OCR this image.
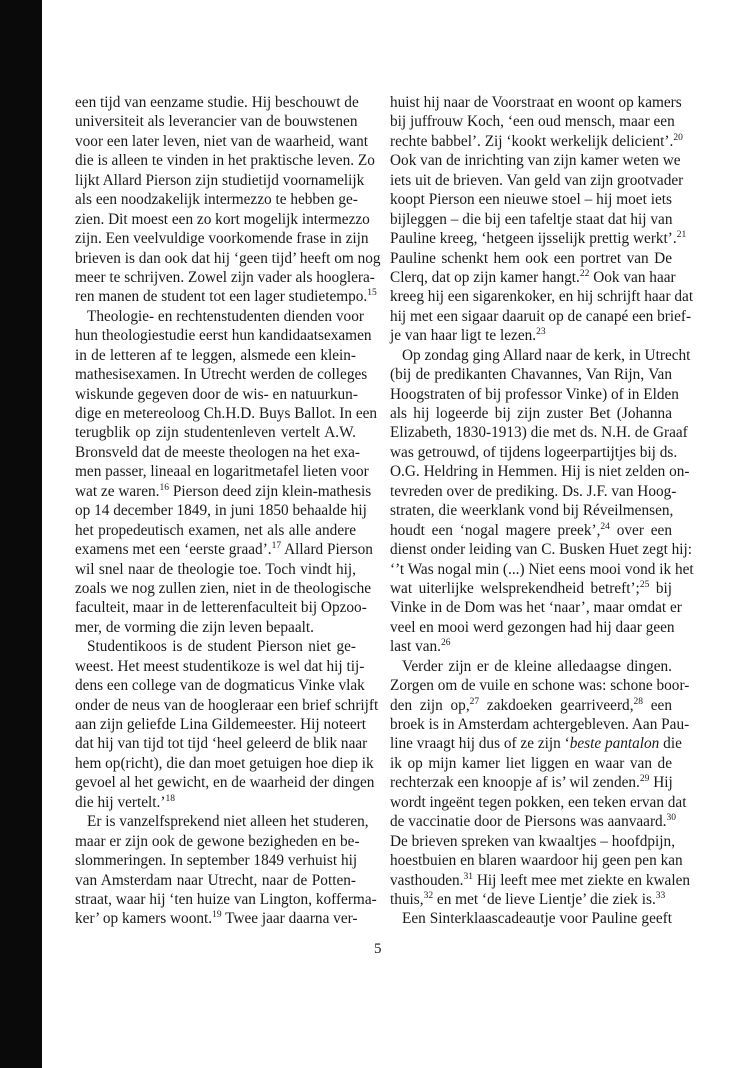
een tijd van eenzame studie. Hij beschouwt de
universiteit als leverancier van de bouwstenen
voor een later leven, niet van de waarheid, want
die is alleen te vinden in het praktische leven. Zo
lijkt Allard Pierson zijn studietijd voornamelijk
als een noodzakelijk intermezzo te hebben ge-
zien. Dit moest een zo kort mogelijk intermezzo
zijn. Een veelvuldige voorkomende frase in zijn
brieven is dan ook dat hij ‘geen tijd’ heeft om nog
meer te schrijven. Zowel zijn vader als hooglera-
ren manen de student tot een lager studietempo.$^{15}$
Theologie- en rechtenstudenten dienden voor
hun theologiestudie eerst hun kandidaatsexamen
in de letteren af te leggen, alsmede een klein-
mathesisexamen. In Utrecht werden de colleges
wiskunde gegeven door de wis- en natuurkun-
dige en metereoloog Ch.H.D. Buys Ballot. In een
terugblik op zijn studentenleven vertelt A.W.
Bronsveld dat de meeste theologen na het exa-
men passer, lineaal en logaritmetafel lieten voor
wat ze waren.$^{16}$ Pierson deed zijn klein-mathesis
op 14 december 1849, in juni 1850 behaalde hij
het propedeutisch examen, net als alle andere
examens met een ‘eerste graad’.$^{17}$ Allard Pierson
wil snel naar de theologie toe. Toch vindt hij,
zoals we nog zullen zien, niet in de theologische
faculteit, maar in de letterenfaculteit bij Opzoo-
mer, de vorming die zijn leven bepaalt.
Studentikoos is de student Pierson niet ge-
weest. Het meest studentikoze is wel dat hij tij-
dens een college van de dogmaticus Vinke vlak
onder de neus van de hoogleraar een brief schrijft
aan zijn geliefde Lina Gildemeester. Hij noteert
dat hij van tijd tot tijd ‘heel geleerd de blik naar
hem op(richt), die dan moet getuigen hoe diep ik
gevoel al het gewicht, en de waarheid der dingen
die hij vertelt.’$^{18}$
Er is vanzelfsprekend niet alleen het studeren,
maar er zijn ook de gewone bezigheden en be-
slommeringen. In september 1849 verhuist hij
van Amsterdam naar Utrecht, naar de Potten-
straat, waar hij ‘ten huize van Lington, kofferma-
ker’ op kamers woont.$^{19}$ Twee jaar daarna ver-
huist hij naar de Voorstraat en woont op kamers
bij juffrouw Koch, ‘een oud mensch, maar een
rechte babbel’. Zij ‘kookt werkelijk delicient’.$^{20}$
Ook van de inrichting van zijn kamer weten we
iets uit de brieven. Van geld van zijn grootvader
koopt Pierson een nieuwe stoel – hij moet iets
bijleggen – die bij een tafeltje staat dat hij van
Pauline kreeg, ‘hetgeen ijsselijk prettig werkt’.$^{21}$
Pauline schenkt hem ook een portret van De
Clerq, dat op zijn kamer hangt.$^{22}$ Ook van haar
kreeg hij een sigarenkoker, en hij schrijft haar dat
hij met een sigaar daaruit op de canapé een brief-
je van haar ligt te lezen.$^{23}$
Op zondag ging Allard naar de kerk, in Utrecht
(bij de predikanten Chavannes, Van Rijn, Van
Hoogstraten of bij professor Vinke) of in Elden
als hij logeerde bij zijn zuster Bet (Johanna
Elizabeth, 1830-1913) die met ds. N.H. de Graaf
was getrouwd, of tijdens logeerpartijtjes bij ds.
O.G. Heldring in Hemmen. Hij is niet zelden on-
tevreden over de prediking. Ds. J.F. van Hoog-
straten, die weerklank vond bij Réveilmensen,
houdt een ‘nogal magere preek’,$^{24}$ over een
dienst onder leiding van C. Busken Huet zegt hij:
‘’t Was nogal min (...) Niet eens mooi vond ik het
wat uiterlijke welsprekendheid betreft’;$^{25}$ bij
Vinke in de Dom was het ‘naar’, maar omdat er
veel en mooi werd gezongen had hij daar geen
last van.$^{26}$
Verder zijn er de kleine alledaagse dingen.
Zorgen om de vuile en schone was: schone boor-
den zijn op,$^{27}$ zakdoeken gearriveerd,$^{28}$ een
broek is in Amsterdam achtergebleven. Aan Pau-
line vraagt hij dus of ze zijn ‘beste pantalon die
ik op mijn kamer liet liggen en waar van de
rechterzak een knoopje af is’ wil zenden.$^{29}$ Hij
wordt ingeënt tegen pokken, een teken ervan dat
de vaccinatie door de Piersons was aanvaard.$^{30}$
De brieven spreken van kwaaltjes – hoofdpijn,
hoestbuien en blaren waardoor hij geen pen kan
vasthouden.$^{31}$ Hij leeft mee met ziekte en kwalen
thuis,$^{32}$ en met ‘de lieve Lientje’ die ziek is.$^{33}$
Een Sinterklaascadeautje voor Pauline geeft
5
